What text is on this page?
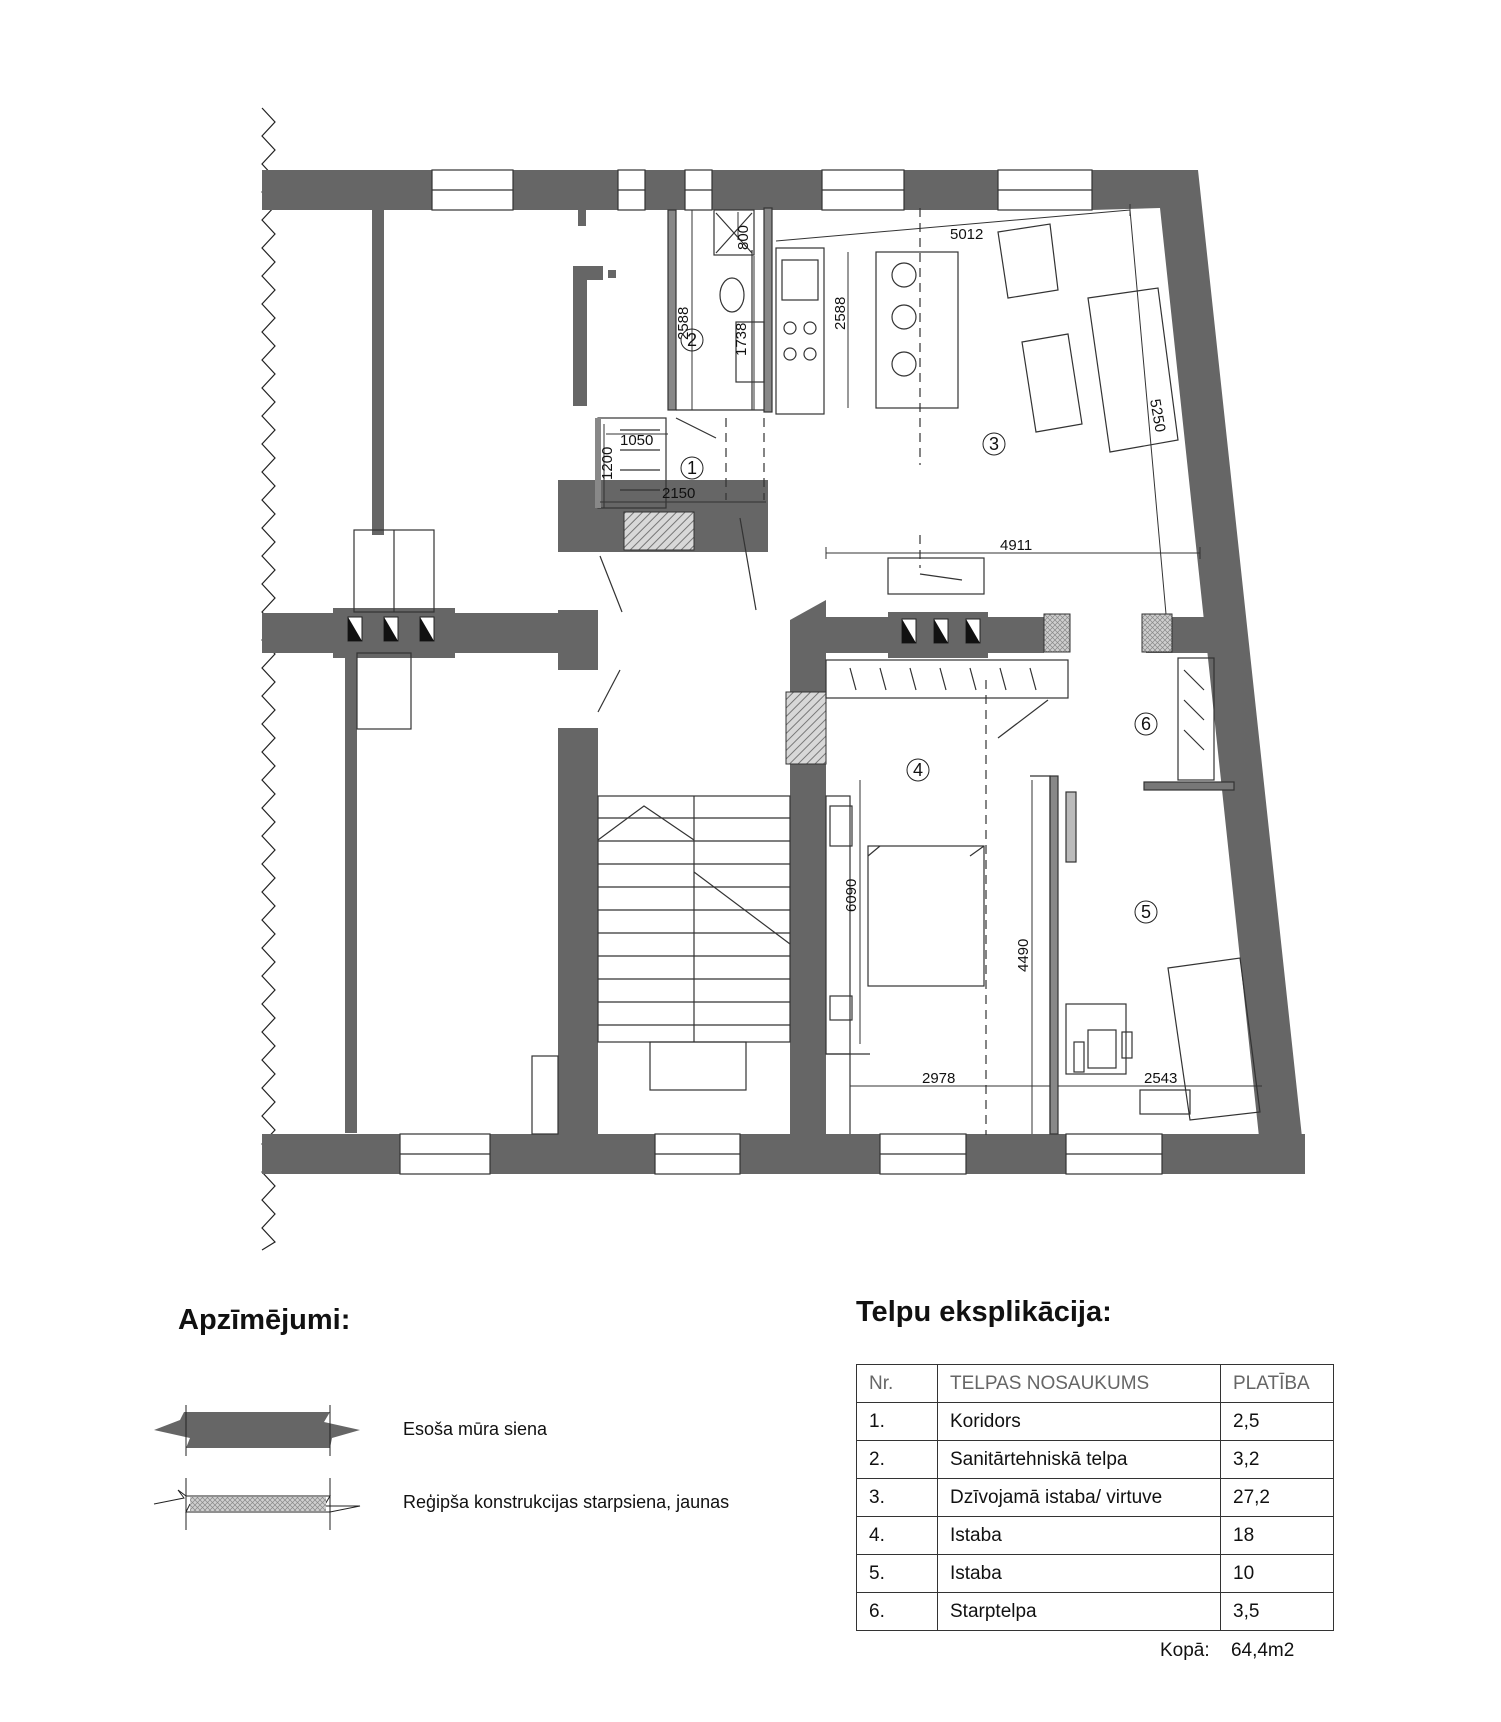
5012
2588
800
2588
1738
1050
1200
2150
5250
4911
6090
4490
2978	2543
1
2
3
4
5
6
Apzīmējumi:
Esoša mūra siena
Reģipša konstrukcijas starpsiena, jaunas
Telpu eksplikācija:
Nr.	TELPAS NOSAUKUMS	PLATĪBA
1.	Koridors	2,5
2.	Sanitārtehniskā telpa	3,2
3.	Dzīvojamā istaba/ virtuve	27,2
4.	Istaba	18
5.	Istaba	10
6.	Starptelpa	3,5
Kopā: 64,4m2
